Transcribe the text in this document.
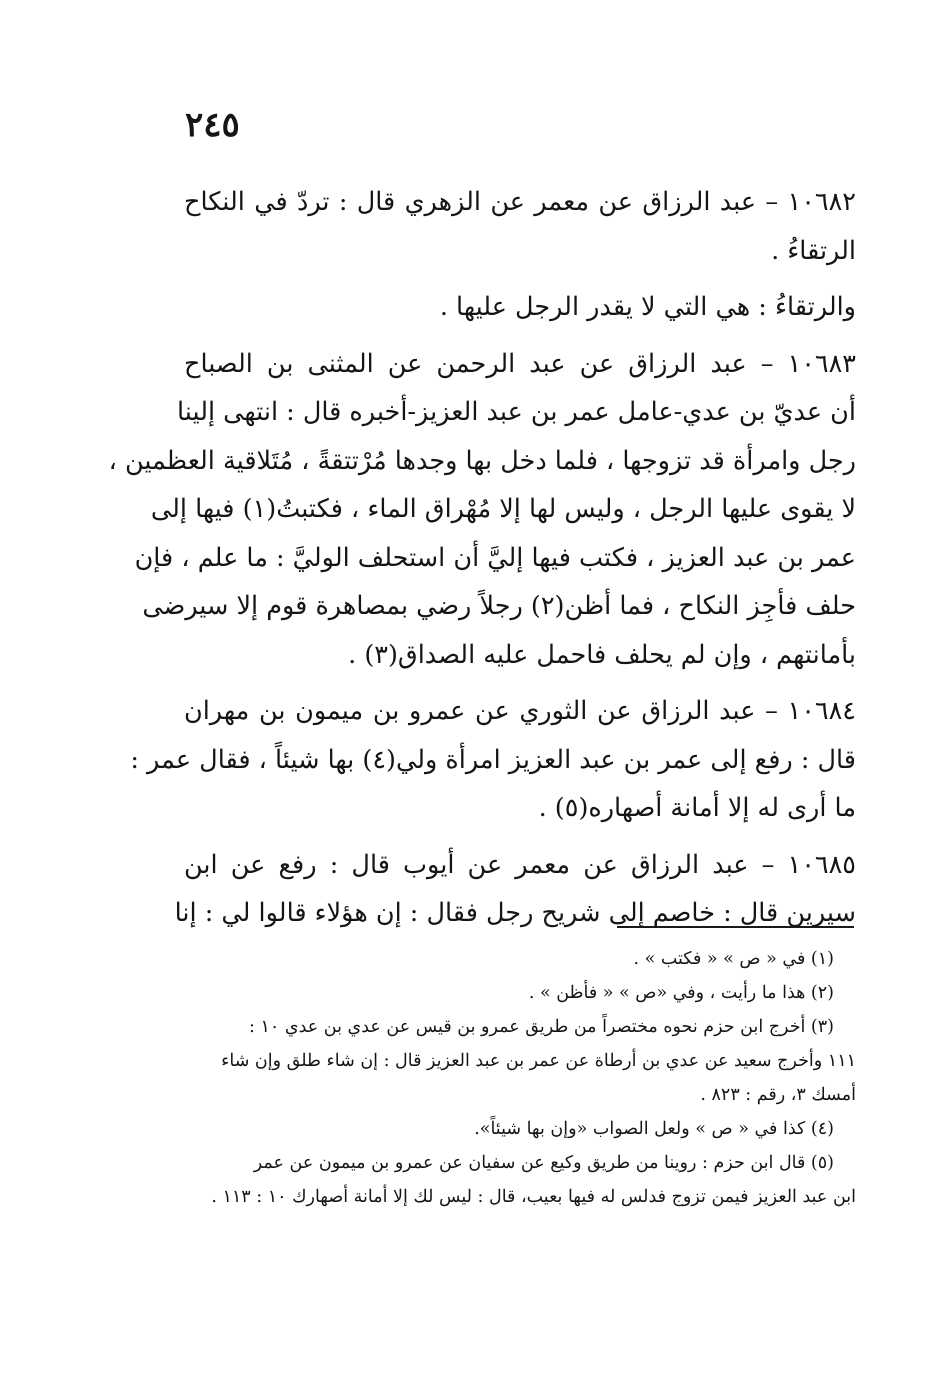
٢٤٥

١٠٦٨٢ – عبد الرزاق عن معمر عن الزهري قال : تردّ في النكاح
الرتقاءُ .

والرتقاءُ : هي التي لا يقدر الرجل عليها .

١٠٦٨٣ – عبد الرزاق عن عبد الرحمن عن المثنى بن الصباح
أن عديّ بن عدي-عامل عمر بن عبد العزيز-أخبره قال : انتهى إلينا
رجل وامرأة قد تزوجها ، فلما دخل بها وجدها مُرْتتقةً ، مُتَلاقية العظمين ،
لا يقوى عليها الرجل ، وليس لها إلا مُهْراق الماء ، فكتبتُ(١) فيها إلى
عمر بن عبد العزيز ، فكتب فيها إليَّ أن استحلف الوليَّ : ما علم ، فإن
حلف فأجِز النكاح ، فما أظن(٢) رجلاً رضي بمصاهرة قوم إلا سيرضى
بأمانتهم ، وإن لم يحلف فاحمل عليه الصداق(٣) .

١٠٦٨٤ – عبد الرزاق عن الثوري عن عمرو بن ميمون بن مهران
قال : رفع إلى عمر بن عبد العزيز امرأة ولي(٤) بها شيئاً ، فقال عمر :
ما أرى له إلا أمانة أصهاره(٥) .

١٠٦٨٥ – عبد الرزاق عن معمر عن أيوب قال : رفع عن ابن
سيرين قال : خاصم إلى شريح رجل فقال : إن هؤلاء قالوا لي : إنا

(١) في « ص » « فكتب » .

(٢) هذا ما رأيت ، وفي «ص » « فأظن » .

(٣) أخرج ابن حزم نحوه مختصراً من طريق عمرو بن قيس عن عدي بن عدي ١٠ :
١١١ وأخرج سعيد عن عدي بن أرطاة عن عمر بن عبد العزيز قال : إن شاء طلق وإن شاء
أمسك ٣، رقم : ٨٢٣ .

(٤) كذا في « ص » ولعل الصواب «وإن بها شيئاً».

(٥) قال ابن حزم : روينا من طريق وكيع عن سفيان عن عمرو بن ميمون عن عمر
ابن عبد العزيز فيمن تزوج فدلس له فيها بعيب، قال : ليس لك إلا أمانة أصهارك ١٠ : ١١٣ .
